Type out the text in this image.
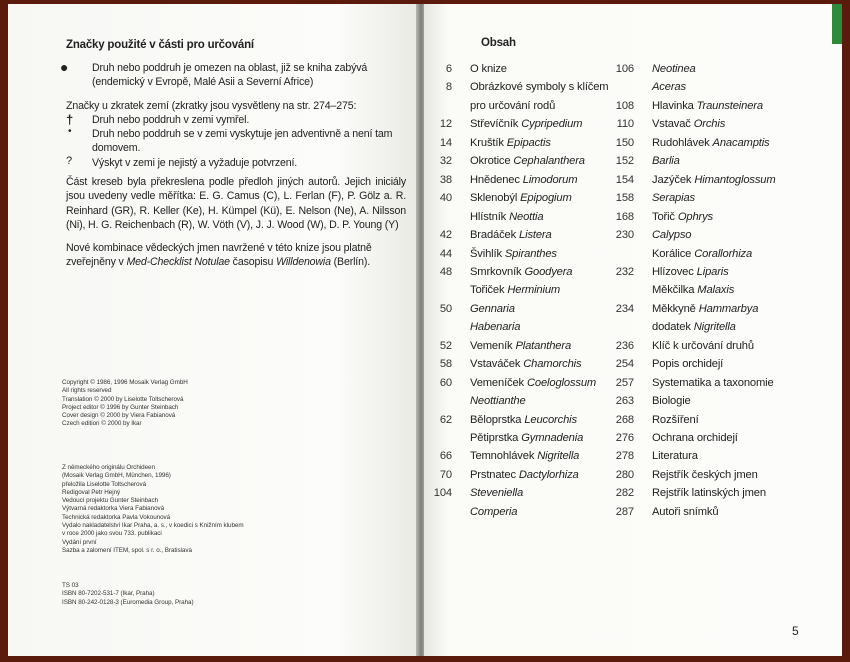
Značky použité v části pro určování
● Druh nebo poddruh je omezen na oblast, již se kniha zabývá (endemický v Evropě, Malé Asii a Severní Africe)
Značky u zkratek zemí (zkratky jsou vysvětleny na str. 274–275:
† Druh nebo poddruh v zemi vymřel.
• Druh nebo poddruh se v zemi vyskytuje jen adventivně a není tam domovem.
? Výskyt v zemi je nejistý a vyžaduje potvrzení.
Část kreseb byla překreslena podle předloh jiných autorů. Jejich iniciály jsou uvedeny vedle měřítka: E. G. Camus (C), L. Ferlan (F), P. Gölz a. R. Reinhard (GR), R. Keller (Ke), H. Kümpel (Kü), E. Nelson (Ne), A. Nilsson (Ni), H. G. Reichenbach (R), W. Vöth (V), J. J. Wood (W), D. P. Young (Y)
Nové kombinace vědeckých jmen navržené v této knize jsou platně zveřejněny v Med-Checklist Notulae časopisu Willdenowia (Berlín).
Copyright © 1986, 1996 Mosaik Verlag GmbH
All rights reserved
Translation © 2000 by Liselotte Toltscherová
Project editor © 1996 by Gunter Steinbach
Cover design © 2000 by Viera Fabianová
Czech edition © 2000 by Ikar
Z německého originálu Orchideen
(Mosaik Verlag GmbH, München, 1996)
přeložila Liselotte Toltscherová
Redigoval Petr Hejný
Vedoucí projektu Gunter Steinbach
Výtvarná redaktorka Viera Fabianová
Technická redaktorka Pavla Vokounová
Vydalo nakladatelství Ikar Praha, a. s., v koedici s Knižním klubem
v roce 2000 jako svou 733. publikaci
Vydání první
Sazba a zalomení ITEM, spol. s r. o., Bratislava
TS 03
ISBN 80-7202-531-7 (Ikar, Praha)
ISBN 80-242-0128-3 (Euromedia Group, Praha)
Obsah
6 O knize
8 Obrázkové symboly s klíčem
pro určování rodů
12 Střevíčník Cypripedium
14 Kruštík Epipactis
32 Okrotice Cephalanthera
38 Hnědenec Limodorum
40 Sklenobýl Epipogium
Hlístník Neottia
42 Bradáček Listera
44 Švihlík Spiranthes
48 Smrkovník Goodyera
Tořiček Herminium
50 Gennaria
Habenaria
52 Vemeník Platanthera
58 Vstaváček Chamorchis
60 Vemeníček Coeloglossum
Neottianthe
62 Běloprstka Leucorchis
Pětiprstka Gymnadenia
66 Temnohlávek Nigritella
70 Prstnatec Dactylorhiza
104 Steveniella
Comperia
106 Neotinea
Aceras
108 Hlavinka Traunsteinera
110 Vstavač Orchis
150 Rudohlávek Anacamptis
152 Barlia
154 Jazýček Himantoglossum
158 Serapias
168 Tořič Ophrys
230 Calypso
Korálice Corallorhiza
232 Hlízovec Liparis
Měkčilka Malaxis
234 Měkkyně Hammarbya
dodatek Nigritella
236 Klíč k určování druhů
254 Popis orchidejí
257 Systematika a taxonomie
263 Biologie
268 Rozšíření
276 Ochrana orchidejí
278 Literatura
280 Rejstřík českých jmen
282 Rejstřík latinských jmen
287 Autoři snímků
5
